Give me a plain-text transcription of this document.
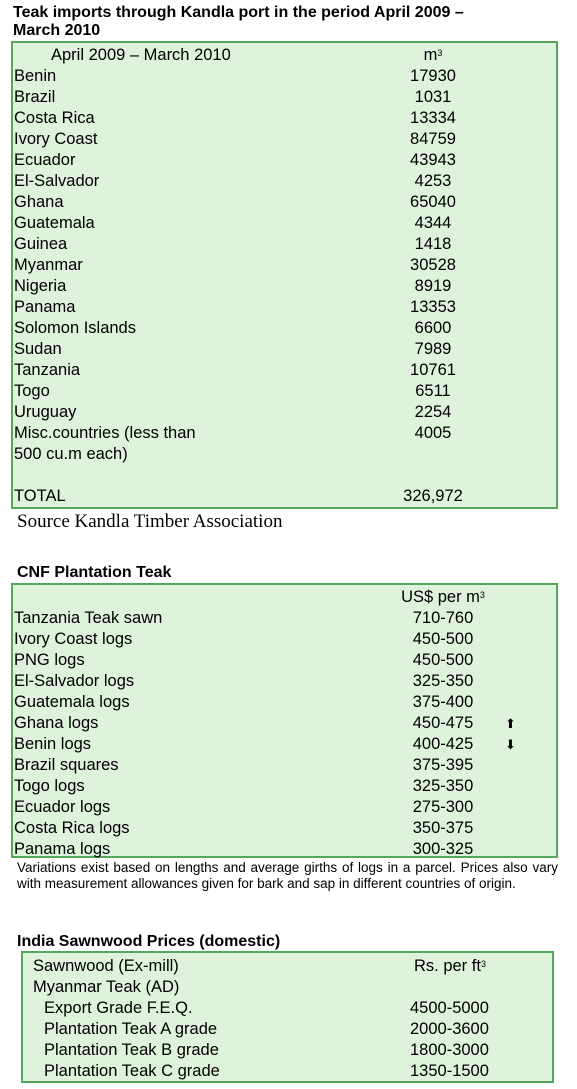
Teak imports through Kandla port in the period April 2009 –
March 2010
April 2009 – March 2010	$m^3$
Benin	17930
Brazil	1031
Costa Rica	13334
Ivory Coast	84759
Ecuador	43943
El-Salvador	4253
Ghana	65040
Guatemala	4344
Guinea	1418
Myanmar	30528
Nigeria	8919
Panama	13353
Solomon Islands	6600
Sudan	7989
Tanzania	10761
Togo	6511
Uruguay	2254
Misc.countries (less than	4005
500 cu.m each)
TOTAL	326,972
Source Kandla Timber Association
CNF Plantation Teak
US$ per $m^3$
Tanzania Teak sawn	710-760
Ivory Coast logs	450-500
PNG logs	450-500
El-Salvador logs	325-350
Guatemala logs	375-400
Ghana logs	450-475	⬆
Benin logs	400-425	⬇
Brazil squares	375-395
Togo logs	325-350
Ecuador logs	275-300
Costa Rica logs	350-375
Panama logs	300-325
Variations exist based on lengths and average girths of logs in a parcel. Prices also vary with measurement allowances given for bark and sap in different countries of origin.
India Sawnwood Prices (domestic)
Sawnwood (Ex-mill)	Rs. per $ft^3$
Myanmar Teak (AD)
Export Grade F.E.Q.	4500-5000
Plantation Teak A grade	2000-3600
Plantation Teak B grade	1800-3000
Plantation Teak C grade	1350-1500
